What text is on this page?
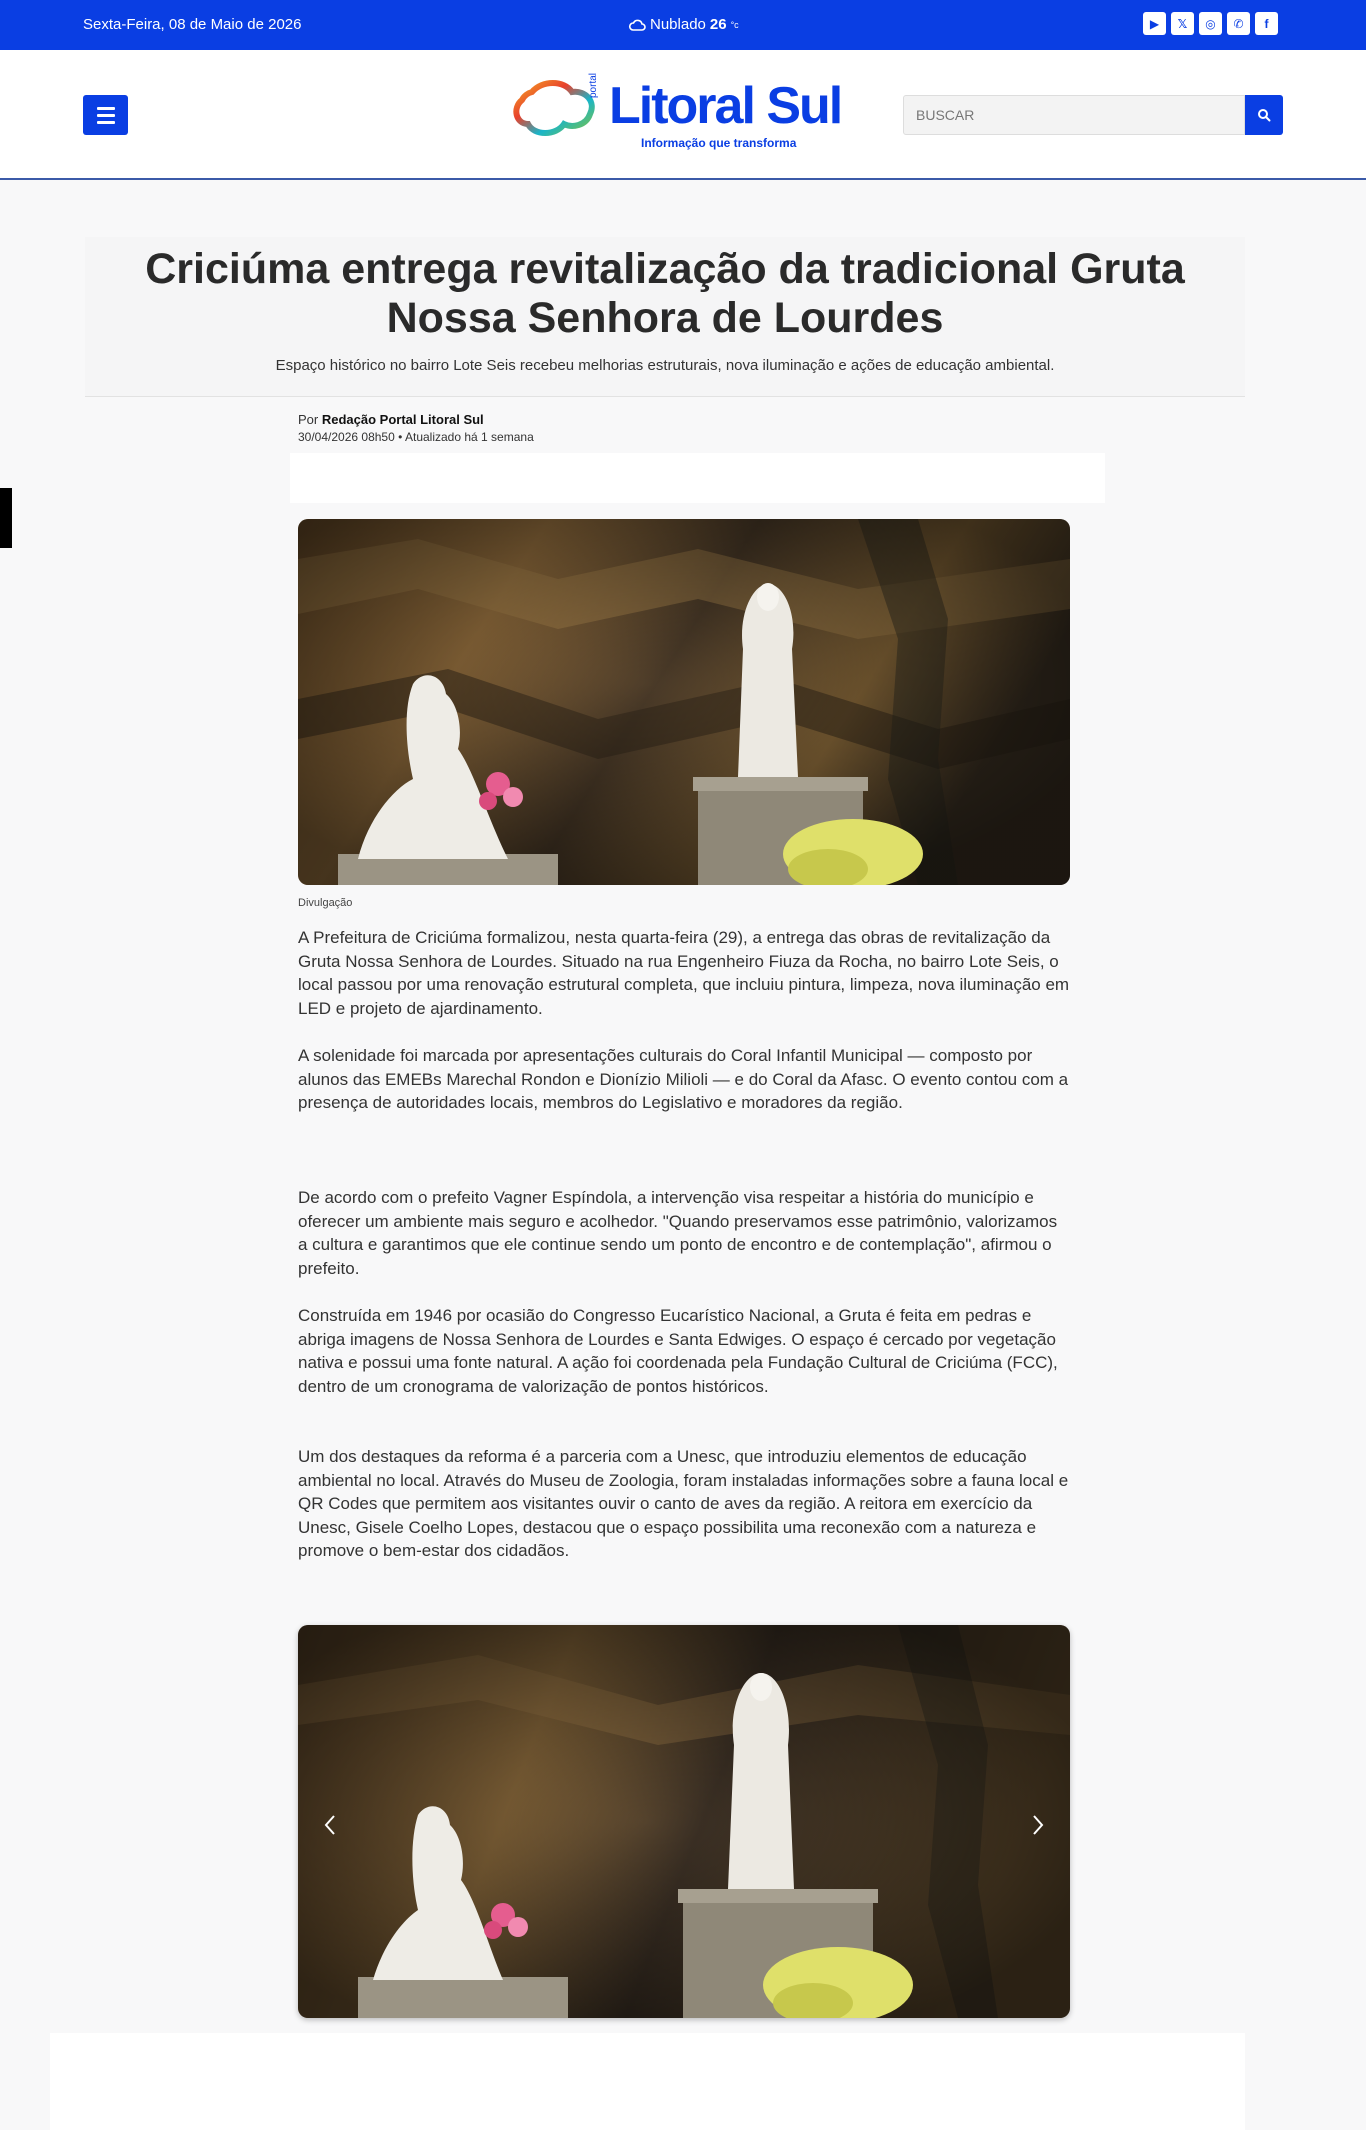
Sexta-Feira, 08 de Maio de 2026	Nublado 26 °c	▶	𝕏	◎	✆	f
portal Litoral Sul
Informação que transforma
BUSCAR
Criciúma entrega revitalização da tradicional Gruta Nossa Senhora de Lourdes

Espaço histórico no bairro Lote Seis recebeu melhorias estruturais, nova iluminação e ações de educação ambiental.

Por Redação Portal Litoral Sul
30/04/2026 08h50 • Atualizado há 1 semana
Divulgação

A Prefeitura de Criciúma formalizou, nesta quarta-feira (29), a entrega das obras de revitalização da Gruta Nossa Senhora de Lourdes. Situado na rua Engenheiro Fiuza da Rocha, no bairro Lote Seis, o local passou por uma renovação estrutural completa, que incluiu pintura, limpeza, nova iluminação em LED e projeto de ajardinamento.

A solenidade foi marcada por apresentações culturais do Coral Infantil Municipal — composto por alunos das EMEBs Marechal Rondon e Dionízio Milioli — e do Coral da Afasc. O evento contou com a presença de autoridades locais, membros do Legislativo e moradores da região.

De acordo com o prefeito Vagner Espíndola, a intervenção visa respeitar a história do município e oferecer um ambiente mais seguro e acolhedor. "Quando preservamos esse patrimônio, valorizamos a cultura e garantimos que ele continue sendo um ponto de encontro e de contemplação", afirmou o prefeito.

Construída em 1946 por ocasião do Congresso Eucarístico Nacional, a Gruta é feita em pedras e abriga imagens de Nossa Senhora de Lourdes e Santa Edwiges. O espaço é cercado por vegetação nativa e possui uma fonte natural. A ação foi coordenada pela Fundação Cultural de Criciúma (FCC), dentro de um cronograma de valorização de pontos históricos.

Um dos destaques da reforma é a parceria com a Unesc, que introduziu elementos de educação ambiental no local. Através do Museu de Zoologia, foram instaladas informações sobre a fauna local e QR Codes que permitem aos visitantes ouvir o canto de aves da região. A reitora em exercício da Unesc, Gisele Coelho Lopes, destacou que o espaço possibilita uma reconexão com a natureza e promove o bem-estar dos cidadãos.
